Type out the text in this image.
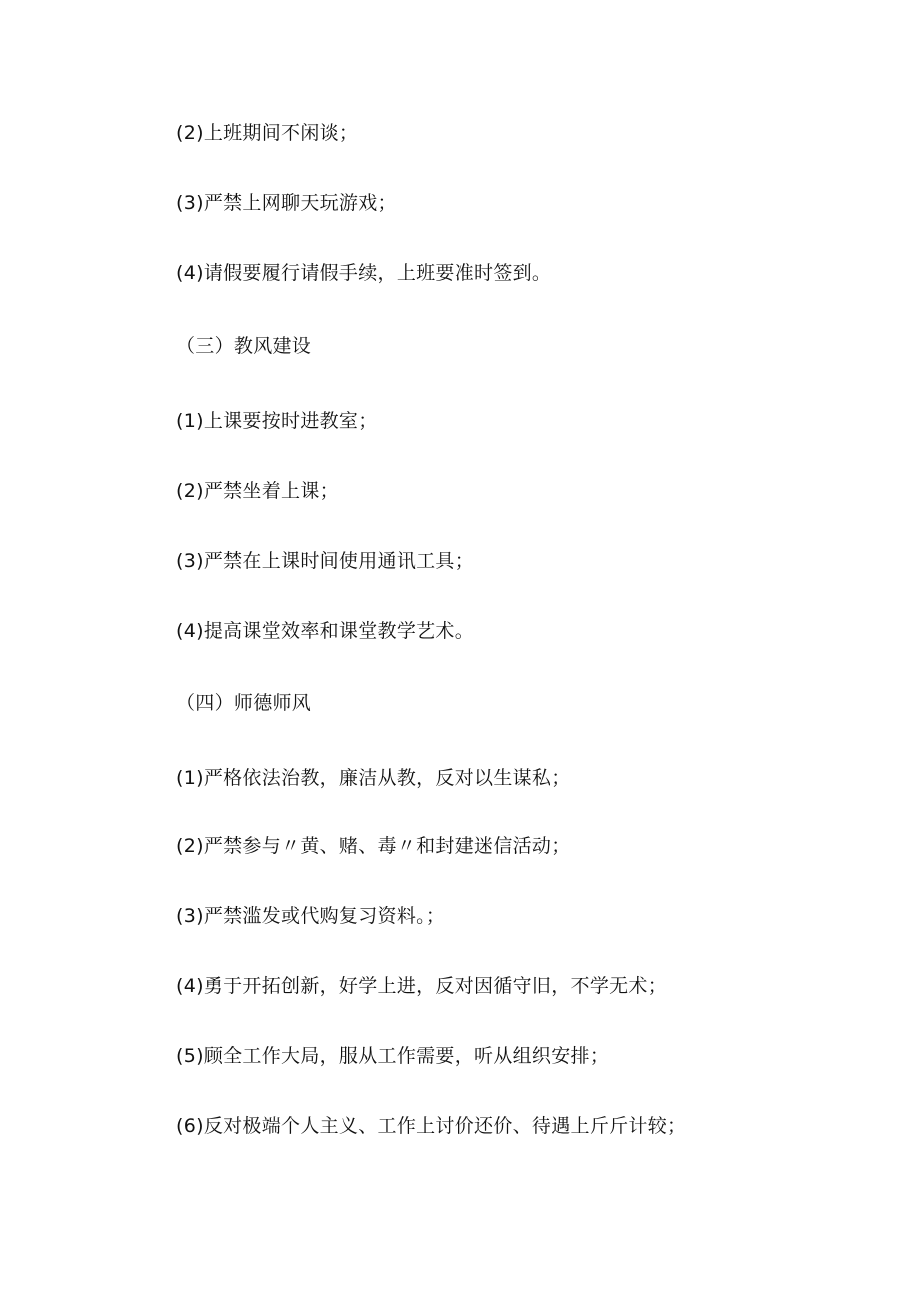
(2)上班期间不闲谈；
(3)严禁上网聊天玩游戏；
(4)请假要履行请假手续，上班要准时签到。
（三）教风建设
(1)上课要按时进教室；
(2)严禁坐着上课；
(3)严禁在上课时间使用通讯工具；
(4)提高课堂效率和课堂教学艺术。
（四）师德师风
(1)严格依法治教，廉洁从教，反对以生谋私；
(2)严禁参与〃黄、赌、毒〃和封建迷信活动；
(3)严禁滥发或代购复习资料。；
(4)勇于开拓创新，好学上进，反对因循守旧，不学无术；
(5)顾全工作大局，服从工作需要，听从组织安排；
(6)反对极端个人主义、工作上讨价还价、待遇上斤斤计较；
